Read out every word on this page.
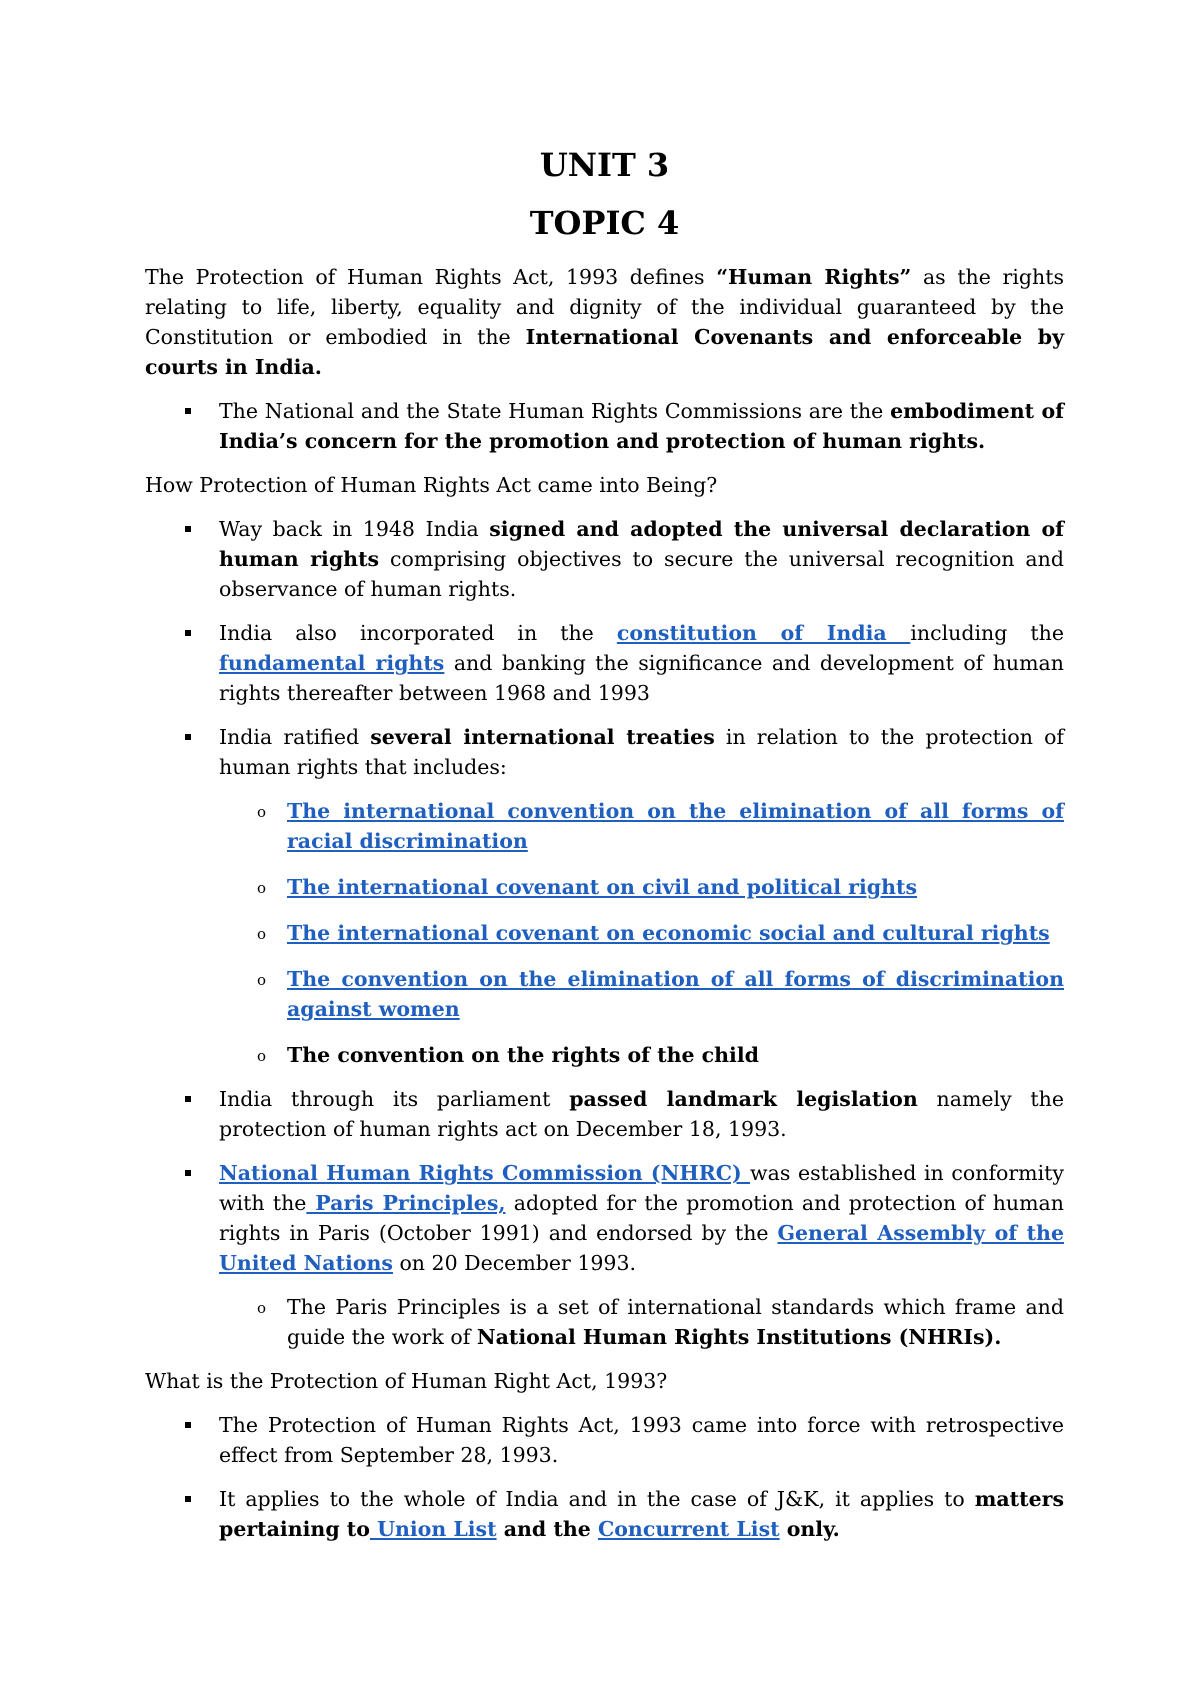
UNIT 3
TOPIC 4

The Protection of Human Rights Act, 1993 defines “Human Rights” as the rights relating to life, liberty, equality and dignity of the individual guaranteed by the Constitution or embodied in the International Covenants and enforceable by courts in India.

The National and the State Human Rights Commissions are the embodiment of India’s concern for the promotion and protection of human rights.
How Protection of Human Rights Act came into Being?
Way back in 1948 India signed and adopted the universal declaration of human rights comprising objectives to secure the universal recognition and observance of human rights.
India also incorporated in the constitution of India including the fundamental rights and banking the significance and development of human rights thereafter between 1968 and 1993
India ratified several international treaties in relation to the protection of human rights that includes:
o The international convention on the elimination of all forms of racial discrimination
o The international covenant on civil and political rights
o The international covenant on economic social and cultural rights
o The convention on the elimination of all forms of discrimination against women
o The convention on the rights of the child
India through its parliament passed landmark legislation namely the protection of human rights act on December 18, 1993.
National Human Rights Commission (NHRC) was established in conformity with the Paris Principles, adopted for the promotion and protection of human rights in Paris (October 1991) and endorsed by the General Assembly of the United Nations on 20 December 1993.
o The Paris Principles is a set of international standards which frame and guide the work of National Human Rights Institutions (NHRIs).
What is the Protection of Human Right Act, 1993?
The Protection of Human Rights Act, 1993 came into force with retrospective effect from September 28, 1993.
It applies to the whole of India and in the case of J&K, it applies to matters pertaining to Union List and the Concurrent List only.
